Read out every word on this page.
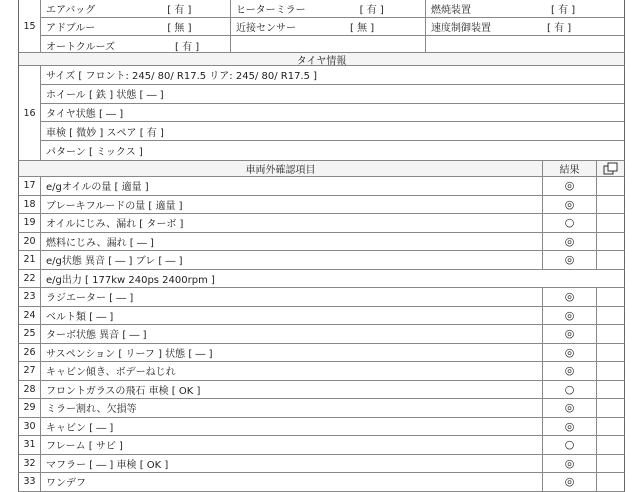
15
エアバッグ	[ 有 ]	ヒーターミラー	[ 有 ]	燃焼装置	[ 有 ]
アドブルー	[ 無 ]	近接センサー	[ 無 ]	速度制御装置	[ 有 ]
オートクルーズ	[ 有 ]
タイヤ情報
16
サイズ [ フロント: 245/ 80/ R17.5 リア: 245/ 80/ R17.5 ]
ホイール [ 鉄 ] 状態 [ ― ]
タイヤ状態 [ ― ]
車検 [ 微妙 ] スペア [ 有 ]
パターン [ ミックス ]
車両外確認項目	結果
17	e/gオイルの量 [ 適量 ]	◎
18	ブレーキフルードの量 [ 適量 ]	◎
19	オイルにじみ、漏れ [ ターボ ]	○
20	燃料にじみ、漏れ [ ― ]	◎
21	e/g状態 異音 [ ― ] ブレ [ ― ]	◎
22	e/g出力 [ 177kw 240ps 2400rpm ]
23	ラジエーター [ ― ]	◎
24	ベルト類 [ ― ]	◎
25	ターボ状態 異音 [ ― ]	◎
26	サスペンション [ リーフ ] 状態 [ ― ]	◎
27	キャビン傾き、ボデーねじれ	◎
28	フロントガラスの飛石 車検 [ OK ]	○
29	ミラー割れ、欠損等	◎
30	キャビン [ ― ]	◎
31	フレーム [ サビ ]	○
32	マフラー [ ― ] 車検 [ OK ]	◎
33	ワンデフ	◎
